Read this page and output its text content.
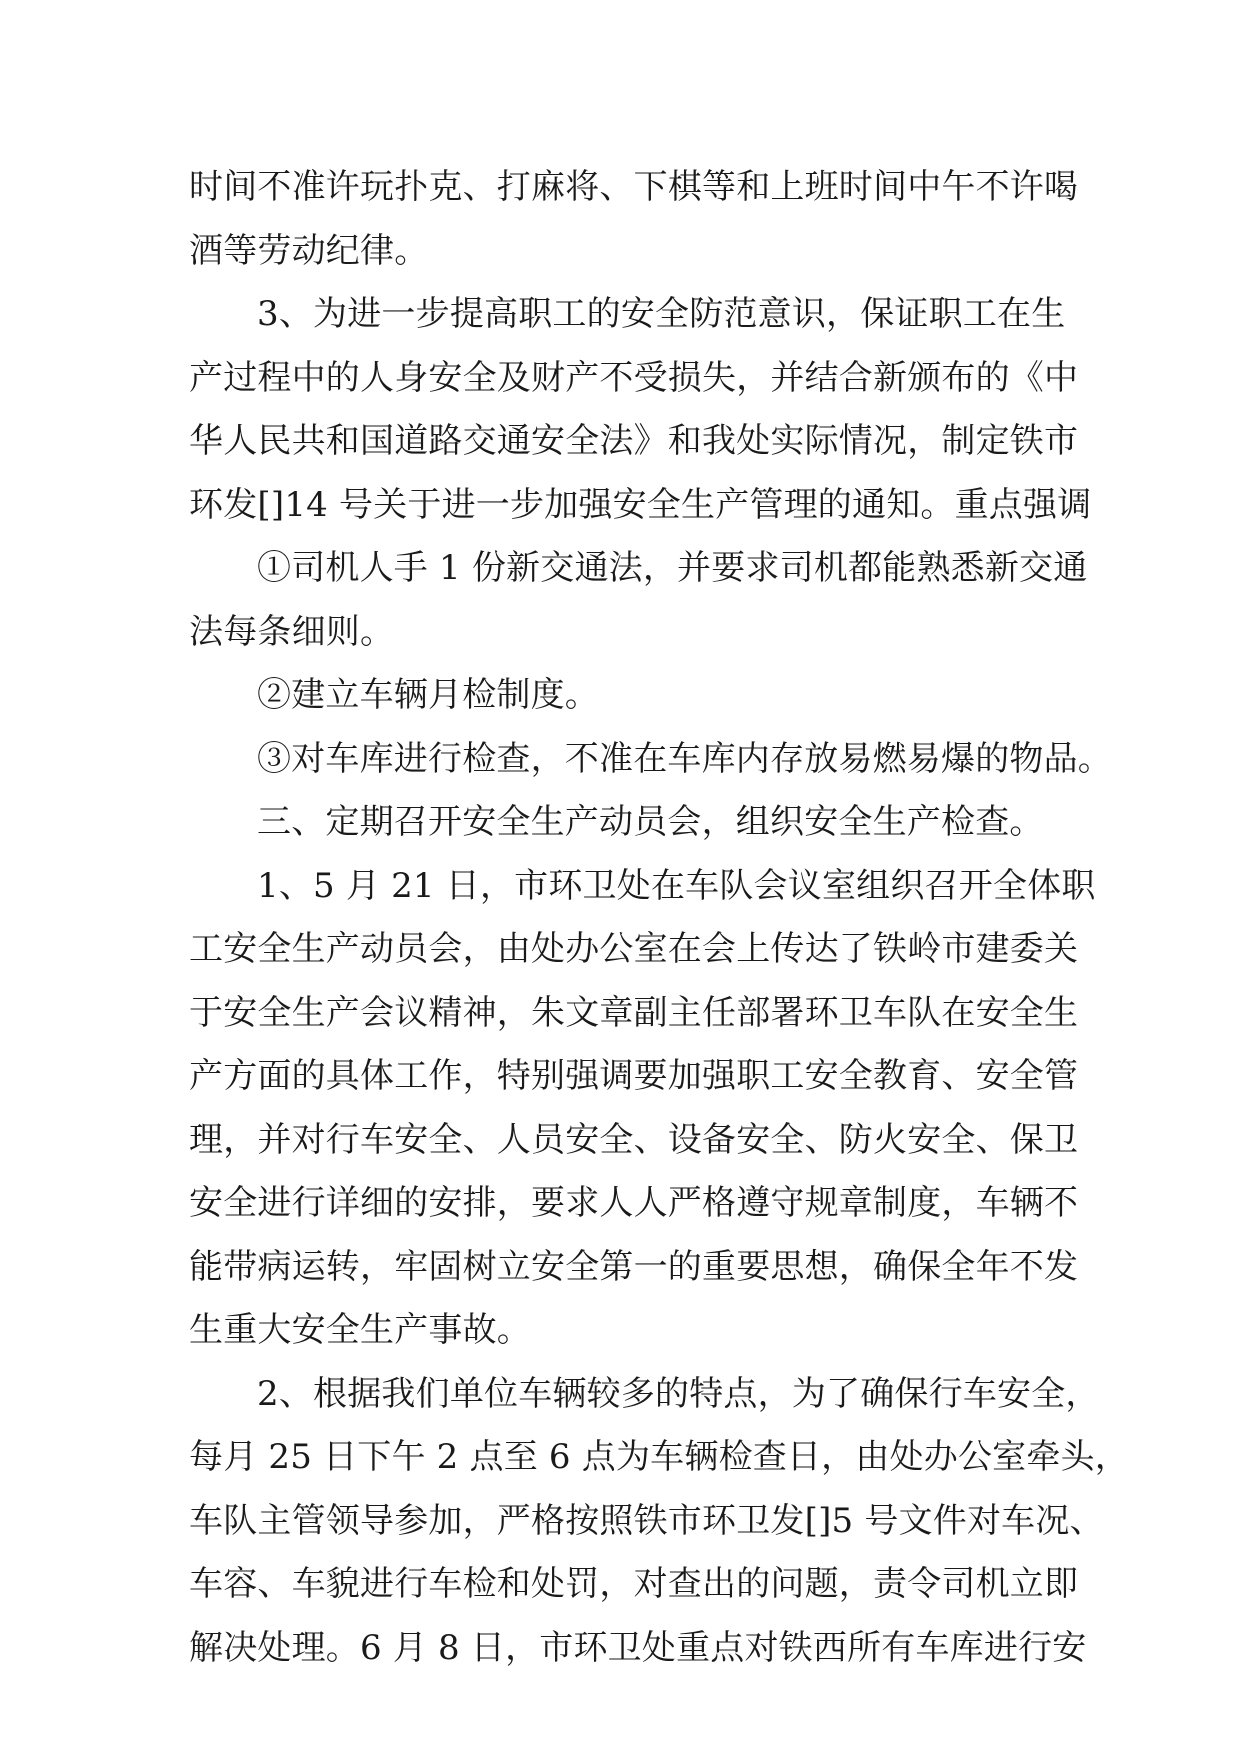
时间不准许玩扑克、打麻将、下棋等和上班时间中午不许喝
酒等劳动纪律。
3、为进一步提高职工的安全防范意识，保证职工在生
产过程中的人身安全及财产不受损失，并结合新颁布的《中
华人民共和国道路交通安全法》和我处实际情况，制定铁市
环发[]14 号关于进一步加强安全生产管理的通知。重点强调
①司机人手 1 份新交通法，并要求司机都能熟悉新交通
法每条细则。
②建立车辆月检制度。
③对车库进行检查，不准在车库内存放易燃易爆的物品。
三、定期召开安全生产动员会，组织安全生产检查。
1、5 月 21 日，市环卫处在车队会议室组织召开全体职
工安全生产动员会，由处办公室在会上传达了铁岭市建委关
于安全生产会议精神，朱文章副主任部署环卫车队在安全生
产方面的具体工作，特别强调要加强职工安全教育、安全管
理，并对行车安全、人员安全、设备安全、防火安全、保卫
安全进行详细的安排，要求人人严格遵守规章制度，车辆不
能带病运转，牢固树立安全第一的重要思想，确保全年不发
生重大安全生产事故。
2、根据我们单位车辆较多的特点，为了确保行车安全，
每月 25 日下午 2 点至 6 点为车辆检查日，由处办公室牵头，
车队主管领导参加，严格按照铁市环卫发[]5 号文件对车况、
车容、车貌进行车检和处罚，对查出的问题，责令司机立即
解决处理。6 月 8 日，市环卫处重点对铁西所有车库进行安
